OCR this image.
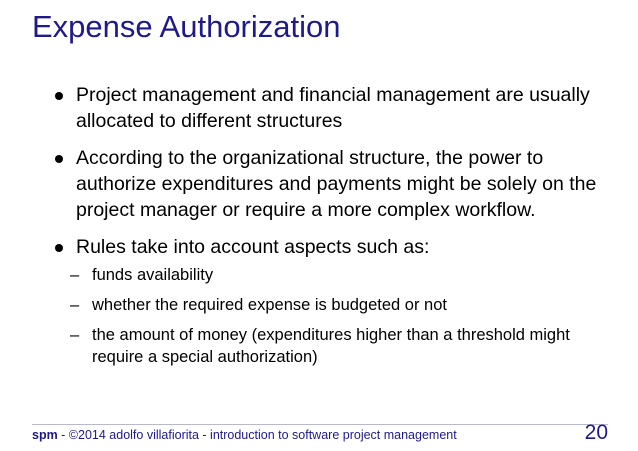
Expense Authorization
Project management and financial management are usually allocated to different structures
According to the organizational structure, the power to authorize expenditures and payments might be solely on the project manager or require a more complex workflow.
Rules take into account aspects such as:
– funds availability
– whether the required expense is budgeted or not
– the amount of money (expenditures higher than a threshold might require a special authorization)
spm - ©2014 adolfo villafiorita - introduction to software project management	20
